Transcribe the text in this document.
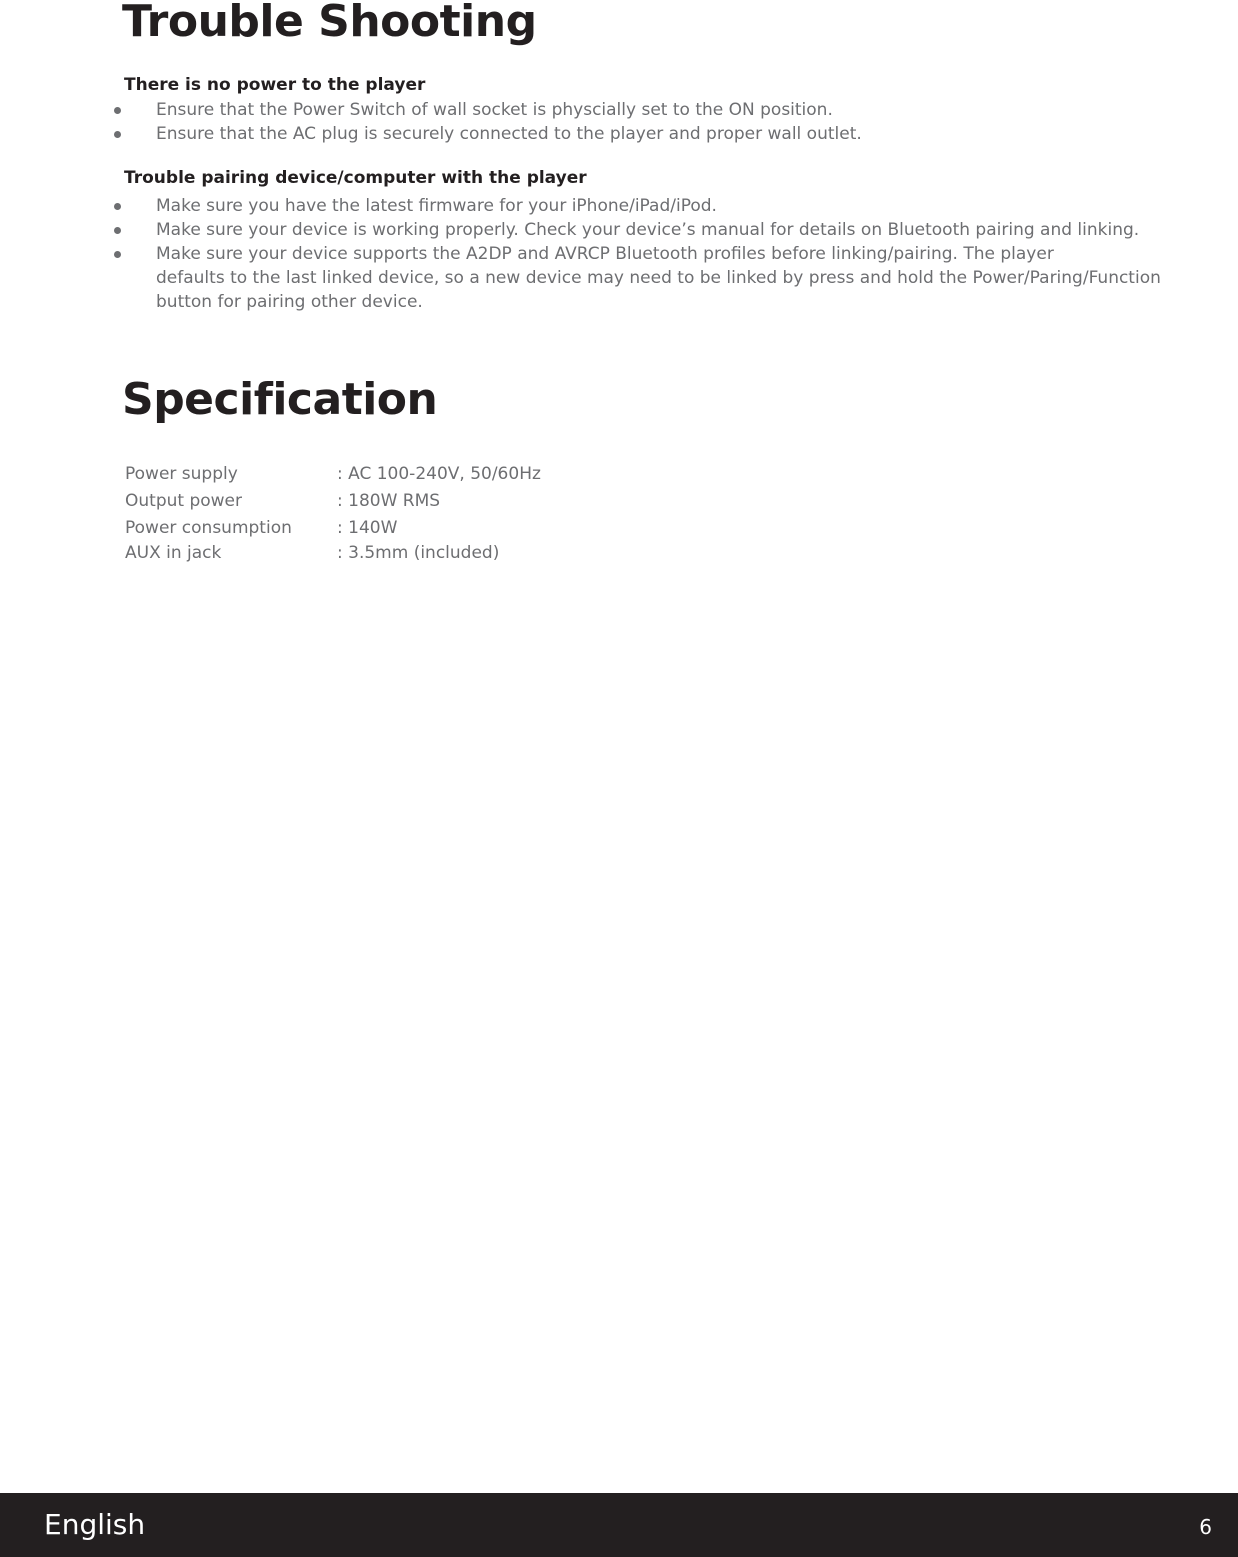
Trouble Shooting
There is no power to the player
Ensure that the Power Switch of wall socket is physcially set to the ON position.
Ensure that the AC plug is securely connected to the player and proper wall outlet.
Trouble pairing device/computer with the player
Make sure you have the latest firmware for your iPhone/iPad/iPod.
Make sure your device is working properly. Check your device’s manual for details on Bluetooth pairing and linking.
Make sure your device supports the A2DP and AVRCP Bluetooth profiles before linking/pairing. The player
defaults to the last linked device, so a new device may need to be linked by press and hold the Power/Paring/Function
button for pairing other device.
Specification
Power supply	: AC 100-240V, 50/60Hz
Output power	: 180W RMS
Power consumption	: 140W
AUX in jack	: 3.5mm (included)
English	6
